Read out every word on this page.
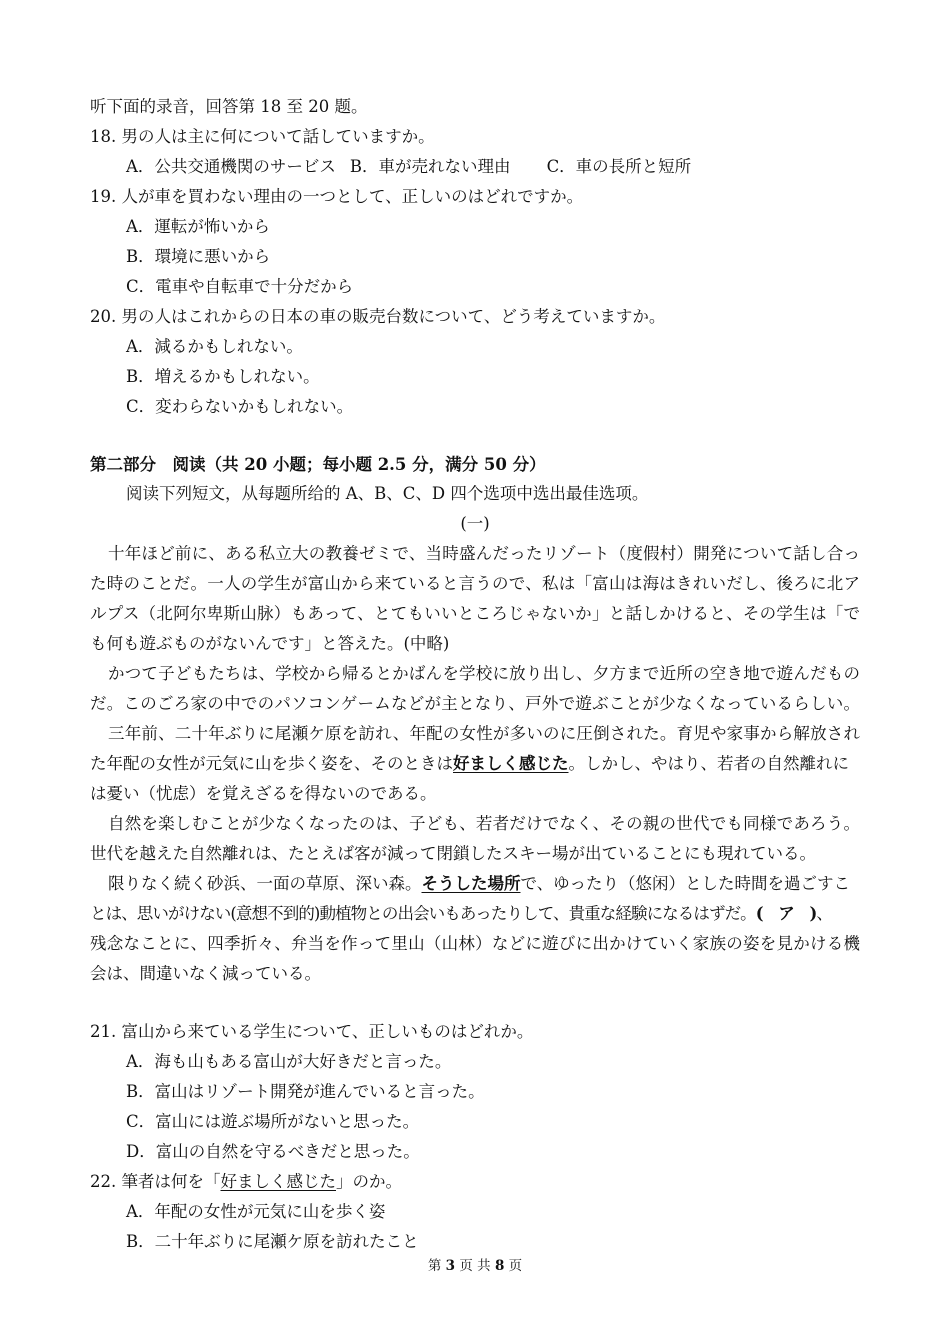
听下面的录音，回答第 18 至 20 题。
18. 男の人は主に何について話していますか。
A．公共交通機関のサービス B．車が売れない理由 C．車の長所と短所
19. 人が車を買わない理由の一つとして、正しいのはどれですか。
A．運転が怖いから
B．環境に悪いから
C．電車や自転車で十分だから
20. 男の人はこれからの日本の車の販売台数について、どう考えていますか。
A．減るかもしれない。
B．増えるかもしれない。
C．変わらないかもしれない。
第二部分　阅读（共 20 小题；每小题 2.5 分，满分 50 分）
阅读下列短文，从每题所给的 A、B、C、D 四个选项中选出最佳选项。
(一)
十年ほど前に、ある私立大の教養ゼミで、当時盛んだったリゾート（度假村）開発について話し合っ
た時のことだ。一人の学生が富山から来ていると言うので、私は「富山は海はきれいだし、後ろに北ア
ルプス（北阿尔卑斯山脉）もあって、とてもいいところじゃないか」と話しかけると、その学生は「で
も何も遊ぶものがないんです」と答えた。(中略)
かつて子どもたちは、学校から帰るとかばんを学校に放り出し、夕方まで近所の空き地で遊んだもの
だ。このごろ家の中でのパソコンゲームなどが主となり、戸外で遊ぶことが少なくなっているらしい。
三年前、二十年ぶりに尾瀬ケ原を訪れ、年配の女性が多いのに圧倒された。育児や家事から解放され
た年配の女性が元気に山を歩く姿を、そのときは好ましく感じた。しかし、やはり、若者の自然離れに
は憂い（忧虑）を覚えざるを得ないのである。
自然を楽しむことが少なくなったのは、子ども、若者だけでなく、その親の世代でも同様であろう。
世代を越えた自然離れは、たとえば客が減って閉鎖したスキー場が出ていることにも現れている。
限りなく続く砂浜、一面の草原、深い森。そうした場所で、ゆったり（悠闲）とした時間を過ごすこ
とは、思いがけない(意想不到的)動植物との出会いもあったりして、貴重な経験になるはずだ。(　ア　)、
残念なことに、四季折々、弁当を作って里山（山林）などに遊びに出かけていく家族の姿を見かける機
会は、間違いなく減っている。
21. 富山から来ている学生について、正しいものはどれか。
A．海も山もある富山が大好きだと言った。
B．富山はリゾート開発が進んでいると言った。
C．富山には遊ぶ場所がないと思った。
D．富山の自然を守るべきだと思った。
22. 筆者は何を「好ましく感じた」のか。
A．年配の女性が元気に山を歩く姿
B．二十年ぶりに尾瀬ケ原を訪れたこと
第 3 页 共 8 页
